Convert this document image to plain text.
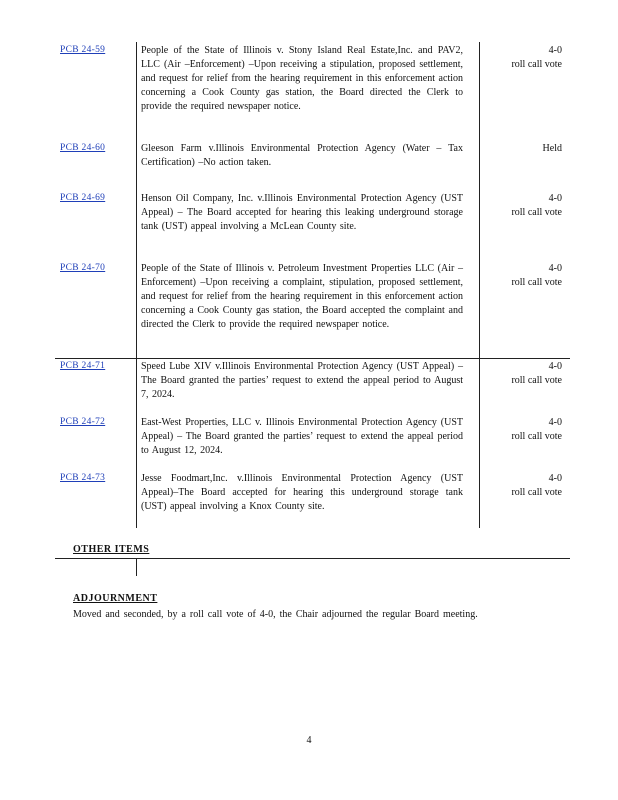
PCB 24-59	People of the State of Illinois v. Stony Island Real Estate,Inc. and PAV2, LLC (Air –Enforcement) –Upon receiving a stipulation, proposed settlement, and request for relief from the hearing requirement in this enforcement action concerning a Cook County gas station, the Board directed the Clerk to provide the required newspaper notice.
4-0
roll call vote
PCB 24-60	Gleeson Farm v.Illinois Environmental Protection Agency (Water – Tax Certification) –No action taken.
Held
PCB 24-69	Henson Oil Company, Inc. v.Illinois Environmental Protection Agency (UST Appeal) – The Board accepted for hearing this leaking underground storage tank (UST) appeal involving a McLean County site.
4-0
roll call vote
PCB 24-70	People of the State of Illinois v. Petroleum Investment Properties LLC (Air –Enforcement) –Upon receiving a complaint, stipulation, proposed settlement, and request for relief from the hearing requirement in this enforcement action concerning a Cook County gas station, the Board accepted the complaint and directed the Clerk to provide the required newspaper notice.
4-0
roll call vote
PCB 24-71	Speed Lube XIV v.Illinois Environmental Protection Agency (UST Appeal) –The Board granted the parties’ request to extend the appeal period to August 7, 2024.
4-0
roll call vote
PCB 24-72	East-West Properties, LLC v. Illinois Environmental Protection Agency (UST Appeal) – The Board granted the parties’ request to extend the appeal period to August 12, 2024.
4-0
roll call vote
PCB 24-73	Jesse Foodmart,Inc. v.Illinois Environmental Protection Agency (UST Appeal)–The Board accepted for hearing this underground storage tank (UST) appeal involving a Knox County site.
4-0
roll call vote
OTHER ITEMS
ADJOURNMENT
Moved and seconded, by a roll call vote of 4-0, the Chair adjourned the regular Board meeting.
4
